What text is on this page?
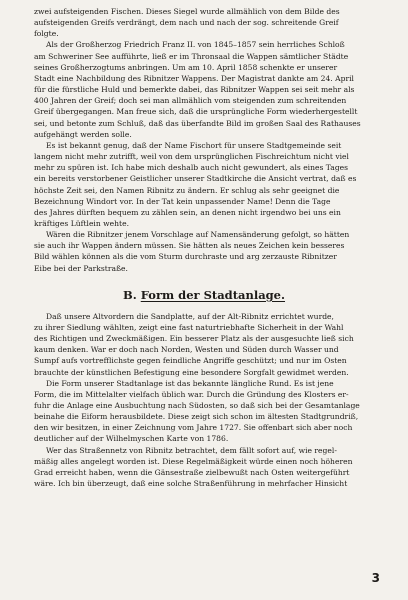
zwei aufsteigenden Fischen. Dieses Siegel wurde allmählich von dem Bilde des
aufsteigenden Greifs verdrängt, dem nach und nach der sog. schreitende Greif
folgte.
Als der Großherzog Friedrich Franz II. von 1845–1857 sein herrliches Schloß
am Schweriner See aufführte, ließ er im Thronsaal die Wappen sämtlicher Städte
seines Großherzogtums anbringen. Um am 10. April 1858 schenkte er unserer
Stadt eine Nachbildung des Ribnitzer Wappens. Der Magistrat dankte am 24. April
für die fürstliche Huld und bemerkte dabei, das Ribnitzer Wappen sei seit mehr als
400 Jahren der Greif; doch sei man allmählich vom steigenden zum schreitenden
Greif übergegangen. Man freue sich, daß die ursprüngliche Form wiederhergestellt
sei, und betonte zum Schluß, daß das überfandte Bild im großen Saal des Rathauses
aufgehängt werden solle.
Es ist bekannt genug, daß der Name Fischort für unsere Stadtgemeinde seit
langem nicht mehr zutrifft, weil von dem ursprünglichen Fischreichtum nicht viel
mehr zu spüren ist. Ich habe mich deshalb auch nicht gewundert, als eines Tages
ein bereits verstorbener Geistlicher unserer Stadtkirche die Ansicht vertrat, daß es
höchste Zeit sei, den Namen Ribnitz zu ändern. Er schlug als sehr geeignet die
Bezeichnung Windort vor. In der Tat kein unpassender Name! Denn die Tage
des Jahres dürften bequem zu zählen sein, an denen nicht irgendwo bei uns ein
kräftiges Lüftlein wehte.
Wären die Ribnitzer jenem Vorschlage auf Namensänderung gefolgt, so hätten
sie auch ihr Wappen ändern müssen. Sie hätten als neues Zeichen kein besseres
Bild wählen können als die vom Sturm durchraste und arg zerzauste Ribnitzer
Eibe bei der Parkstraße.
B. Form der Stadtanlage.
Daß unsere Altvordern die Sandplatte, auf der Alt-Ribnitz errichtet wurde,
zu ihrer Siedlung wählten, zeigt eine fast naturtriebhafte Sicherheit in der Wahl
des Richtigen und Zweckmäßigen. Ein besserer Platz als der ausgesuchte ließ sich
kaum denken. War er doch nach Norden, Westen und Süden durch Wasser und
Sumpf aufs vortrefflichste gegen feindliche Angriffe geschützt; und nur im Osten
brauchte der künstlichen Befestigung eine besondere Sorgfalt gewidmet werden.
Die Form unserer Stadtanlage ist das bekannte längliche Rund. Es ist jene
Form, die im Mittelalter vielfach üblich war. Durch die Gründung des Klosters er-
fuhr die Anlage eine Ausbuchtung nach Südosten, so daß sich bei der Gesamtanlage
beinahe die Eiform herausbildete. Diese zeigt sich schon im ältesten Stadtgrundriß,
den wir besitzen, in einer Zeichnung vom Jahre 1727. Sie offenbart sich aber noch
deutlicher auf der Wilhelmyschen Karte von 1786.
Wer das Straßennetz von Ribnitz betrachtet, dem fällt sofort auf, wie regel-
mäßig alles angelegt worden ist. Diese Regelmäßigkeit würde einen noch höheren
Grad erreicht haben, wenn die Gänsestraße zielbewußt nach Osten weitergeführt
wäre. Ich bin überzeugt, daß eine solche Straßenführung in mehrfacher Hinsicht
3
